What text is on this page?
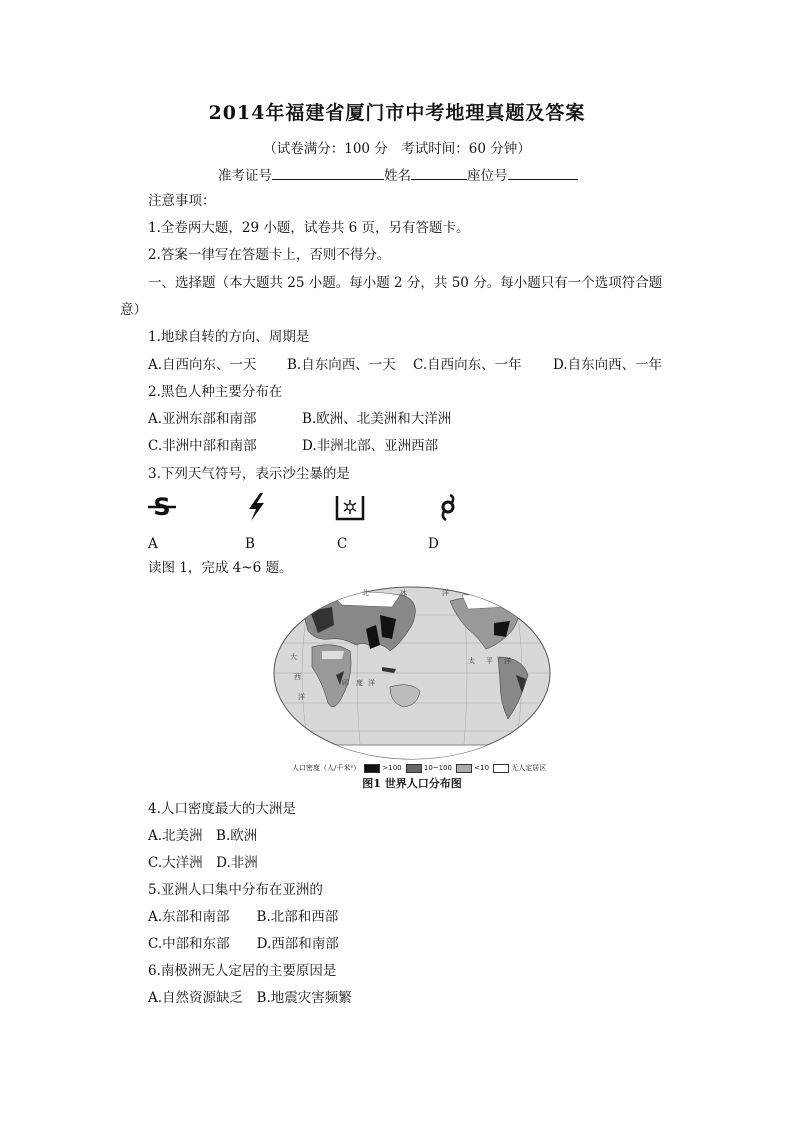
2014年福建省厦门市中考地理真题及答案
（试卷满分：100 分　考试时间：60 分钟）
准考证号	姓名	座位号
注意事项：
1.全卷两大题，29 小题，试卷共 6 页，另有答题卡。
2.答案一律写在答题卡上，否则不得分。
一、选择题（本大题共 25 小题。每小题 2 分，共 50 分。每小题只有一个选项符合题
意）
1.地球自转的方向、周期是
A.自西向东、一天 B.自东向西、一天 C.自西向东、一年 D.自东向西、一年
2.黑色人种主要分布在
A.亚洲东部和南部	B.欧洲、北美洲和大洋洲
C.非洲中部和南部	D.非洲北部、亚洲西部
3.下列天气符号，表示沙尘暴的是
S
A	B	C	D
读图 1，完成 4~6 题。
北	冰	洋
太 平 洋
印 度 洋
大
西
洋
人口密度（人/千米²）	>100	10~100	<10	无人定居区
图1 世界人口分布图
4.人口密度最大的大洲是
A.北美洲　B.欧洲
C.大洋洲　D.非洲
5.亚洲人口集中分布在亚洲的
A.东部和南部　　B.北部和西部
C.中部和东部　　D.西部和南部
6.南极洲无人定居的主要原因是
A.自然资源缺乏　B.地震灾害频繁
